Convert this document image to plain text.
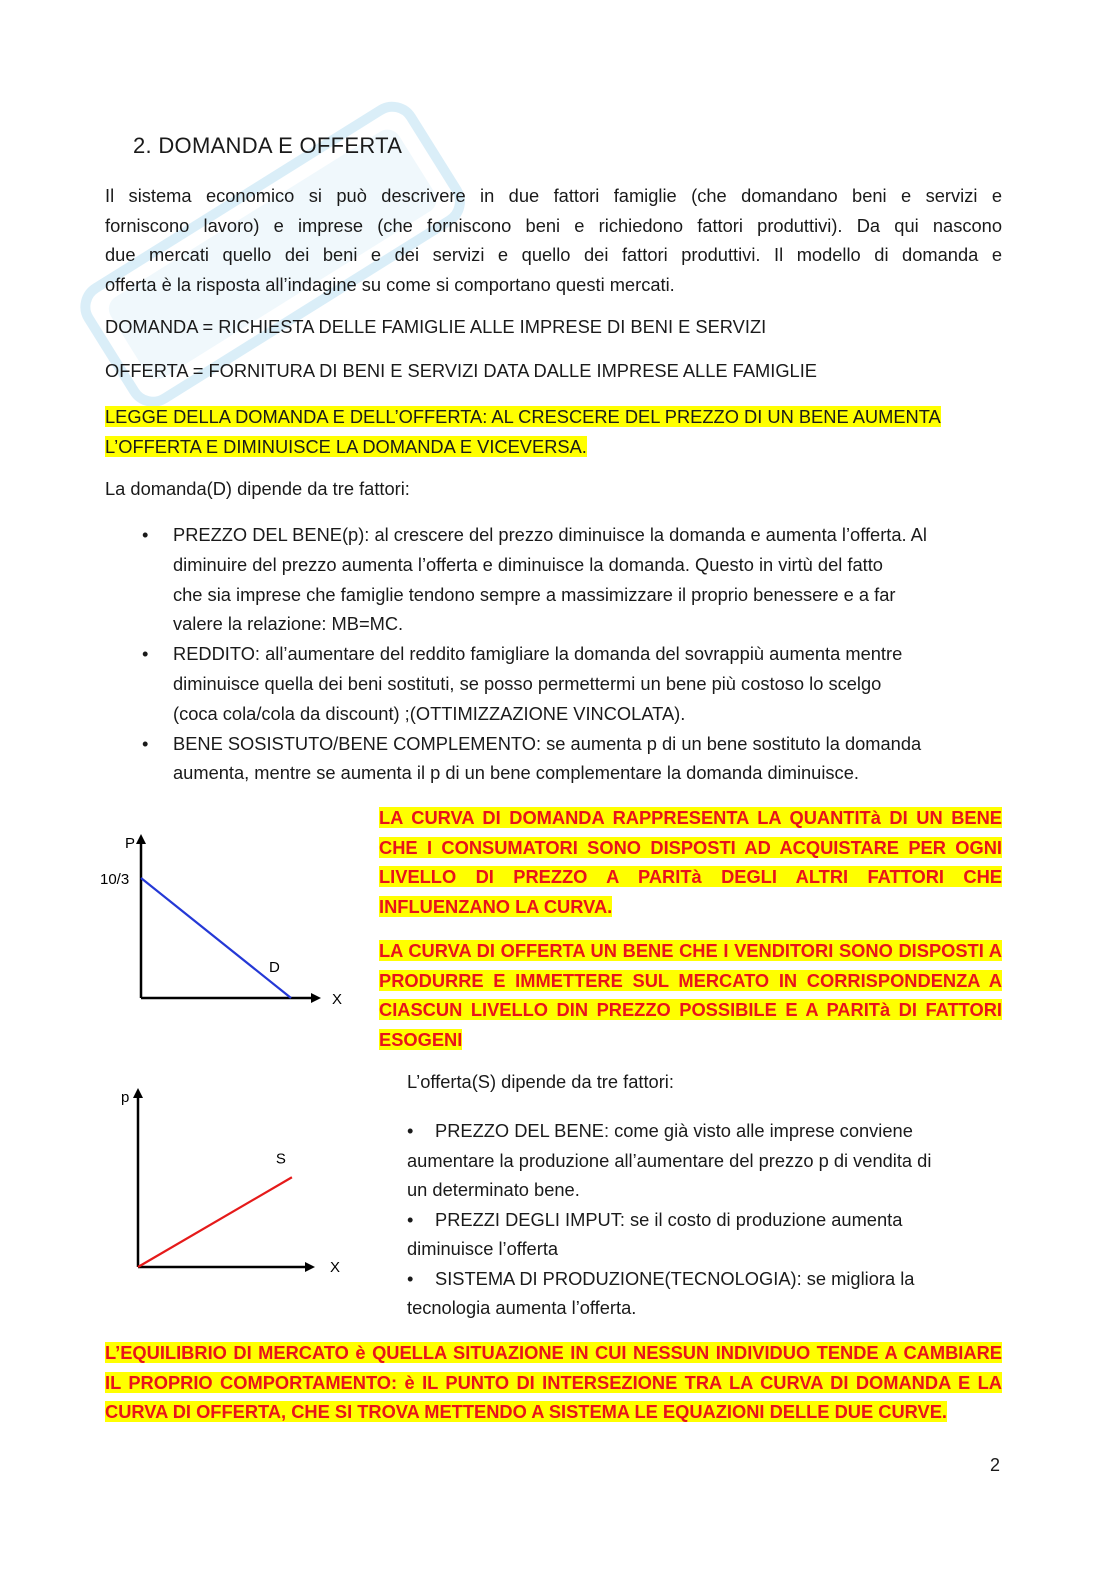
2. DOMANDA E OFFERTA
Il sistema economico si può descrivere in due fattori famiglie (che domandano beni e servizi e
forniscono lavoro) e imprese (che forniscono beni e richiedono fattori produttivi). Da qui nascono
due mercati quello dei beni e dei servizi e quello dei fattori produttivi. Il modello di domanda e
offerta è la risposta all’indagine su come si comportano questi mercati.
DOMANDA = RICHIESTA DELLE FAMIGLIE ALLE IMPRESE DI BENI E SERVIZI
OFFERTA = FORNITURA DI BENI E SERVIZI DATA DALLE IMPRESE ALLE FAMIGLIE
LEGGE DELLA DOMANDA E DELL’OFFERTA: AL CRESCERE DEL PREZZO DI UN BENE AUMENTA
L’OFFERTA E DIMINUISCE LA DOMANDA E VICEVERSA.
La domanda(D) dipende da tre fattori:
• PREZZO DEL BENE(p): al crescere del prezzo diminuisce la domanda e aumenta l’offerta. Al
diminuire del prezzo aumenta l’offerta e diminuisce la domanda. Questo in virtù del fatto
che sia imprese che famiglie tendono sempre a massimizzare il proprio benessere e a far
valere la relazione: MB=MC.
• REDDITO: all’aumentare del reddito famigliare la domanda del sovrappiù aumenta mentre
diminuisce quella dei beni sostituti, se posso permettermi un bene più costoso lo scelgo
(coca cola/cola da discount) ;(OTTIMIZZAZIONE VINCOLATA).
• BENE SOSISTUTO/BENE COMPLEMENTO: se aumenta p di un bene sostituto la domanda
aumenta, mentre se aumenta il p di un bene complementare la domanda diminuisce.
P
10/3
X
D
LA CURVA DI DOMANDA RAPPRESENTA LA QUANTITà DI UN BENE
CHE I CONSUMATORI SONO DISPOSTI AD ACQUISTARE PER OGNI
LIVELLO DI PREZZO A PARITà DEGLI ALTRI FATTORI CHE
INFLUENZANO LA CURVA.
LA CURVA DI OFFERTA UN BENE CHE I VENDITORI SONO DISPOSTI A
PRODURRE E IMMETTERE SUL MERCATO IN CORRISPONDENZA A
CIASCUN LIVELLO DIN PREZZO POSSIBILE E A PARITà DI FATTORI
ESOGENI
p
X
S
L’offerta(S) dipende da tre fattori:
•	PREZZO DEL BENE: come già visto alle imprese conviene
aumentare la produzione all’aumentare del prezzo p di vendita di
un determinato bene.
•	PREZZI DEGLI IMPUT: se il costo di produzione aumenta
diminuisce l’offerta
•	SISTEMA DI PRODUZIONE(TECNOLOGIA): se migliora la
tecnologia aumenta l’offerta.
L’EQUILIBRIO DI MERCATO è QUELLA SITUAZIONE IN CUI NESSUN INDIVIDUO TENDE A CAMBIARE
IL PROPRIO COMPORTAMENTO: è IL PUNTO DI INTERSEZIONE TRA LA CURVA DI DOMANDA E LA
CURVA DI OFFERTA, CHE SI TROVA METTENDO A SISTEMA LE EQUAZIONI DELLE DUE CURVE.
2
